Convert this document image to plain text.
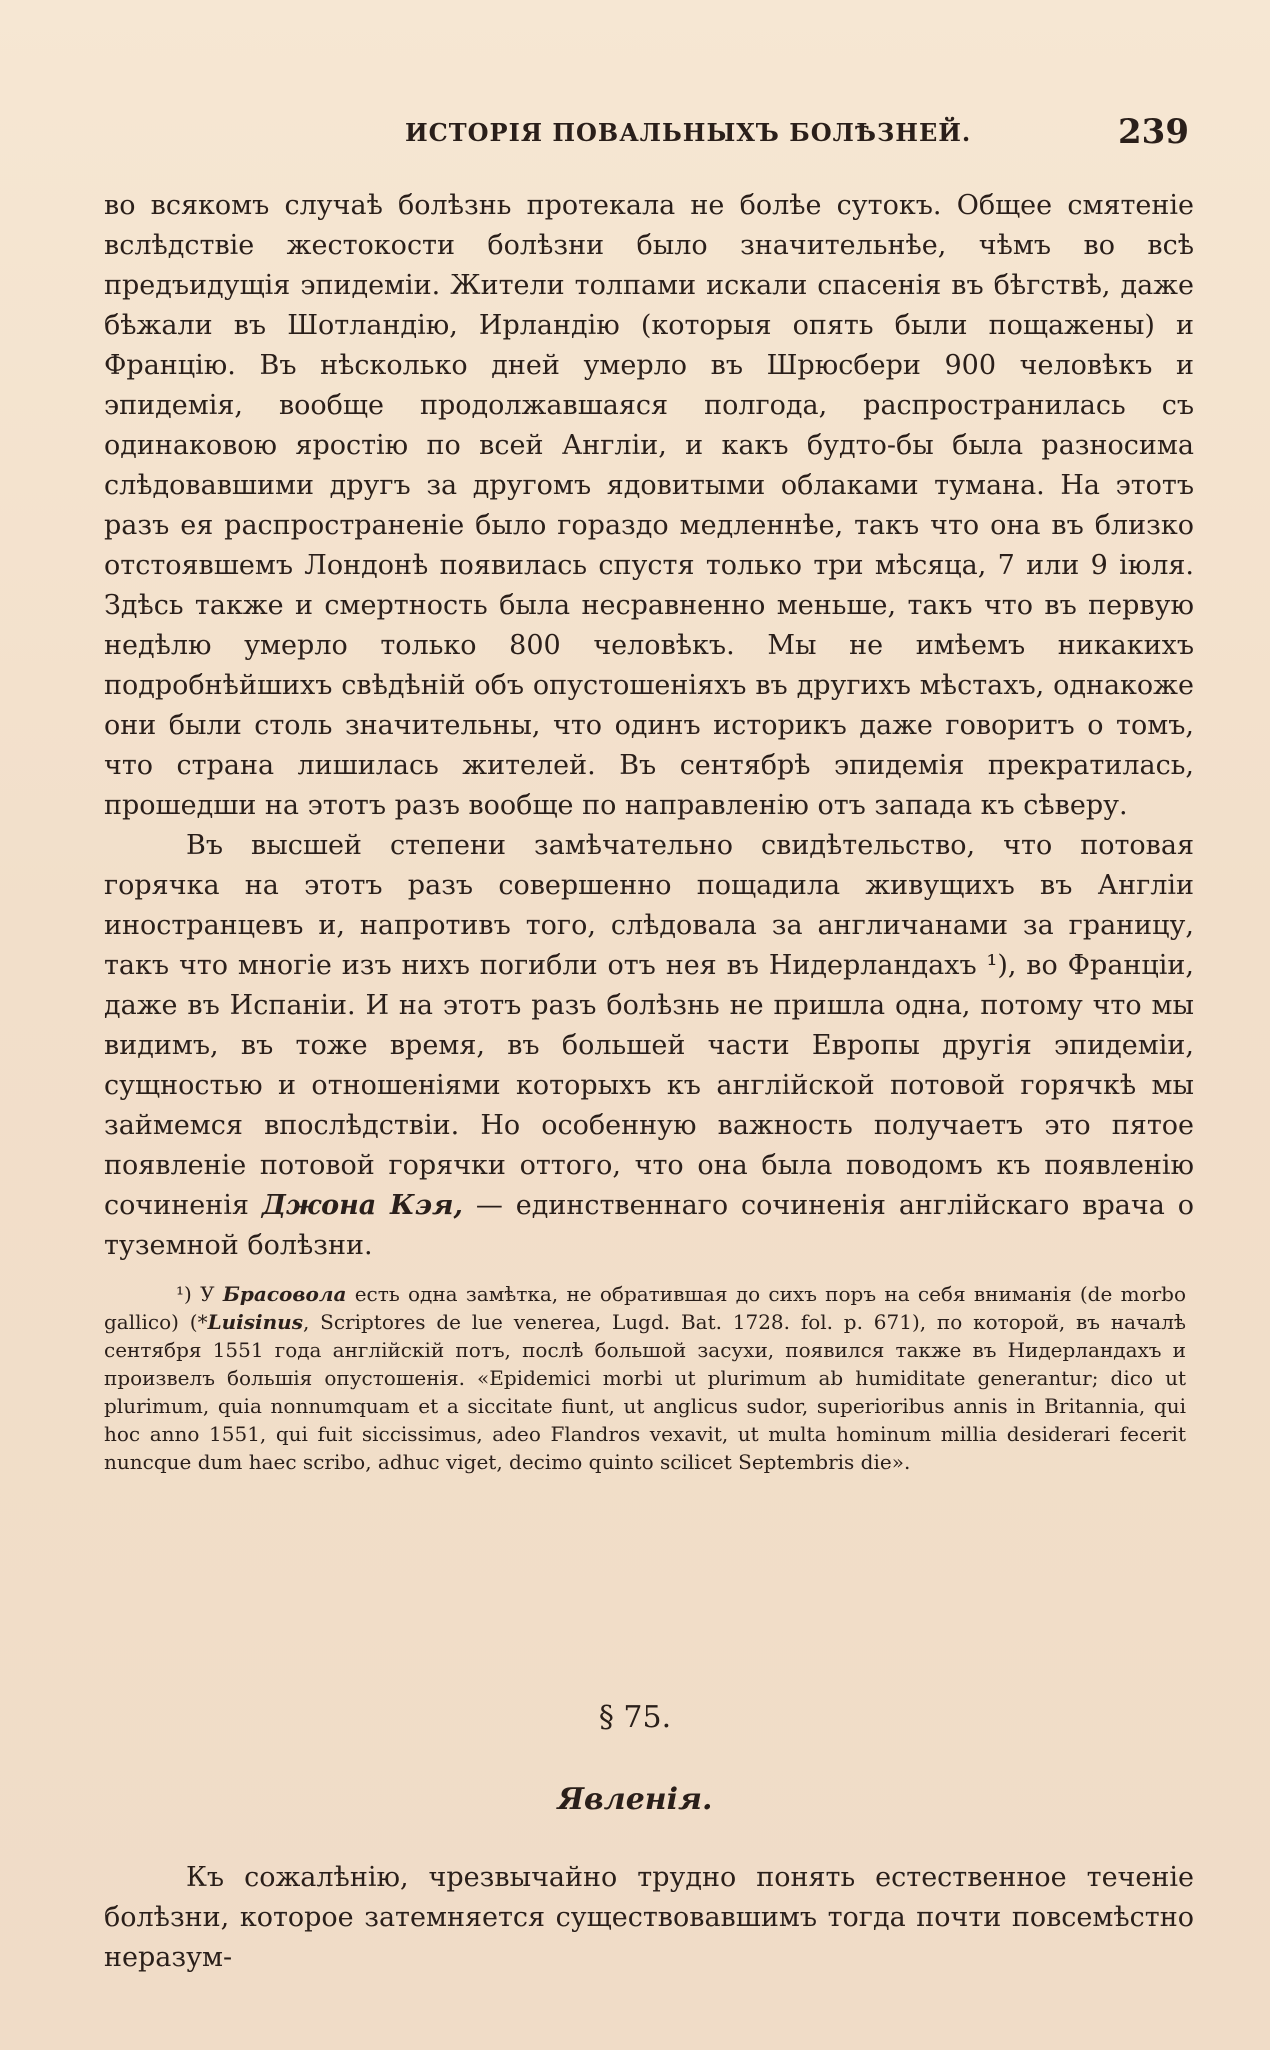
ИСТОРІЯ ПОВАЛЬНЫХЪ БОЛѢЗНЕЙ.	239

во всякомъ случаѣ болѣзнь протекала не болѣе сутокъ. Общее смятеніе вслѣдствіе жестокости болѣзни было значительнѣе, чѣмъ во всѣ предъидущія эпидеміи. Жители толпами искали спасенія въ бѣгствѣ, даже бѣжали въ Шотландію, Ирландію (которыя опять были пощажены) и Францію. Въ нѣсколько дней умерло въ Шрюсбери 900 человѣкъ и эпидемія, вообще продолжавшаяся полгода, распространилась съ одинаковою яростію по всей Англіи, и какъ будто-бы была разносима слѣдовавшими другъ за другомъ ядовитыми облаками тумана. На этотъ разъ ея распространеніе было гораздо медленнѣе, такъ что она въ близко отстоявшемъ Лондонѣ появилась спустя только три мѣсяца, 7 или 9 іюля. Здѣсь также и смертность была несравненно меньше, такъ что въ первую недѣлю умерло только 800 человѣкъ. Мы не имѣемъ никакихъ подробнѣйшихъ свѣдѣній объ опустошеніяхъ въ другихъ мѣстахъ, однакоже они были столь значительны, что одинъ историкъ даже говоритъ о томъ, что страна лишилась жителей. Въ сентябрѣ эпидемія прекратилась, прошедши на этотъ разъ вообще по направленію отъ запада къ сѣверу.

Въ высшей степени замѣчательно свидѣтельство, что потовая горячка на этотъ разъ совершенно пощадила живущихъ въ Англіи иностранцевъ и, напротивъ того, слѣдовала за англичанами за границу, такъ что многіе изъ нихъ погибли отъ нея въ Нидерландахъ ¹), во Франціи, даже въ Испаніи. И на этотъ разъ болѣзнь не пришла одна, потому что мы видимъ, въ тоже время, въ большей части Европы другія эпидеміи, сущностью и отношеніями которыхъ къ англійской потовой горячкѣ мы займемся впослѣдствіи. Но особенную важность получаетъ это пятое появленіе потовой горячки оттого, что она была поводомъ къ появленію сочиненія Джона Кэя, — единственнаго сочиненія англійскаго врача о туземной болѣзни.

¹) У Брасовола есть одна замѣтка, не обратившая до сихъ поръ на себя вниманія (de morbo gallico) (*Luisinus, Scriptores de lue venerea, Lugd. Bat. 1728. fol. p. 671), по которой, въ началѣ сентября 1551 года англійскій потъ, послѣ большой засухи, появился также въ Нидерландахъ и произвелъ большія опустошенія. «Epidemici morbi ut plurimum ab humiditate generantur; dico ut plurimum, quia nonnumquam et a siccitate fiunt, ut anglicus sudor, superioribus annis in Britannia, qui hoc anno 1551, qui fuit siccissimus, adeo Flandros vexavit, ut multa hominum millia desiderari fecerit nuncque dum haec scribo, adhuc viget, decimo quinto scilicet Septembris die».

§ 75.
Явленія.

Къ сожалѣнію, чрезвычайно трудно понять естественное теченіе болѣзни, которое затемняется существовавшимъ тогда почти повсемѣстно неразум-
